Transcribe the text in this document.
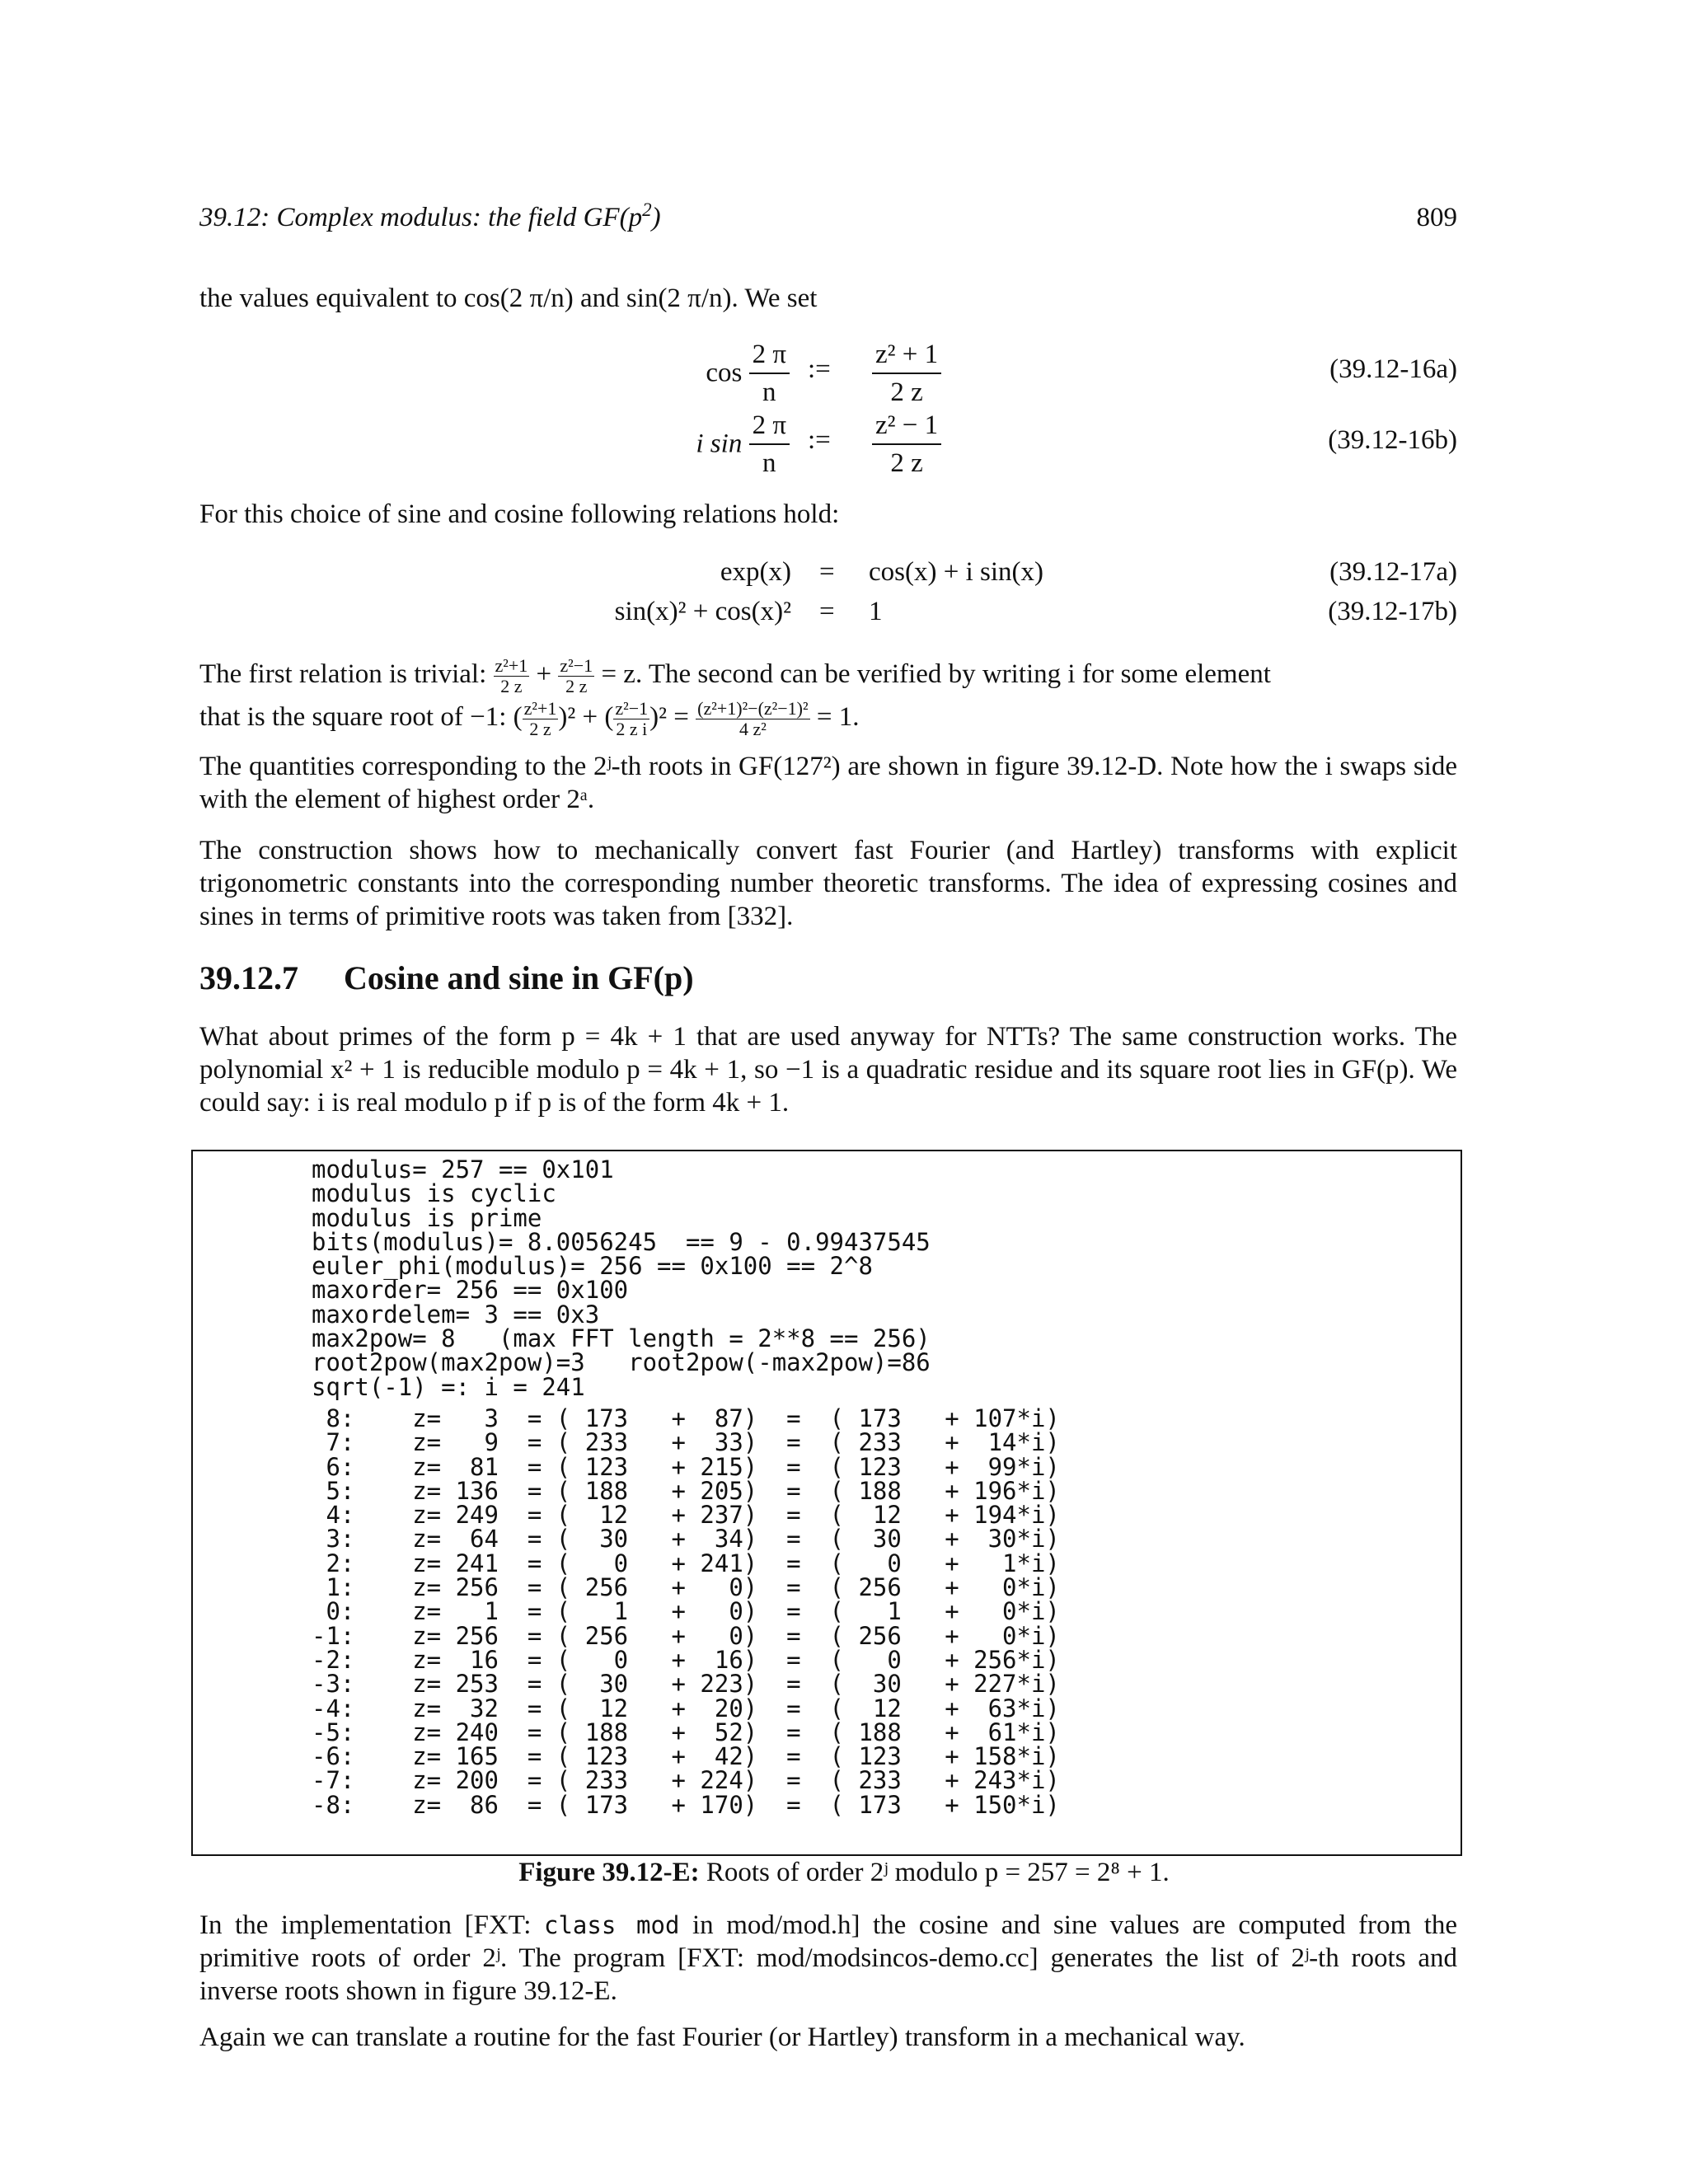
39.12: Complex modulus: the field $GF(p^2)$	809

the values equivalent to cos(2 π/n) and sin(2 π/n). We set

$\cos \frac{2 \pi}{n}$ := $\frac{\text{z² + 1}}{2 z}$	(39.12-16a)
i $\sin \frac{2 \pi}{n}$ := $\frac{\text{z² − 1}}{2 z}$	(39.12-16b)

For this choice of sine and cosine following relations hold:

exp(x) = cos(x) + i sin(x)	(39.12-17a)
sin(x)² + cos(x)² = 1	(39.12-17b)
The first relation is trivial: $\frac{\text{z²+1}}{2 z} + \frac{\text{z²−1}}{2 z} = z$. The second can be verified by writing i for some element
that is the square root of −1: ( $\frac{\text{z²+1}}{2 z} )^2$ + ( $\frac{\text{z²−1}}{\text{2 z i}} )^2 = \frac{\text{(z²+1)²−(z²−1)²}}{\text{4 z²}} = 1$.

The quantities corresponding to the 2ʲ-th roots in GF(127²) are shown in figure 39.12-D. Note how the i swaps side with the element of highest order 2ᵃ.

The construction shows how to mechanically convert fast Fourier (and Hartley) transforms with explicit trigonometric constants into the corresponding number theoretic transforms. The idea of expressing cosines and sines in terms of primitive roots was taken from [332].

39.12.7 Cosine and sine in GF(p)

What about primes of the form p = 4k + 1 that are used anyway for NTTs? The same construction works. The polynomial x² + 1 is reducible modulo p = 4k + 1, so −1 is a quadratic residue and its square root lies in GF(p). We could say: i is real modulo p if p is of the form 4k + 1.

modulus= 257 == 0x101
modulus is cyclic
modulus is prime
bits(modulus)= 8.0056245  == 9 - 0.99437545
euler_phi(modulus)= 256 == 0x100 == 2^8
maxorder= 256 == 0x100
maxordelem= 3 == 0x3
max2pow= 8   (max FFT length = 2**8 == 256)
root2pow(max2pow)=3   root2pow(-max2pow)=86
sqrt(-1) =: i = 241
8:    z=   3  = ( 173   +  87)  =  ( 173   + 107*i)
7:    z=   9  = ( 233   +  33)  =  ( 233   +  14*i)
6:    z=  81  = ( 123   + 215)  =  ( 123   +  99*i)
5:    z= 136  = ( 188   + 205)  =  ( 188   + 196*i)
4:    z= 249  = (  12   + 237)  =  (  12   + 194*i)
3:    z=  64  = (  30   +  34)  =  (  30   +  30*i)
2:    z= 241  = (   0   + 241)  =  (   0   +   1*i)
1:    z= 256  = ( 256   +   0)  =  ( 256   +   0*i)
0:    z=   1  = (   1   +   0)  =  (   1   +   0*i)
-1:    z= 256  = ( 256   +   0)  =  ( 256   +   0*i)
-2:    z=  16  = (   0   +  16)  =  (   0   + 256*i)
-3:    z= 253  = (  30   + 223)  =  (  30   + 227*i)
-4:    z=  32  = (  12   +  20)  =  (  12   +  63*i)
-5:    z= 240  = ( 188   +  52)  =  ( 188   +  61*i)
-6:    z= 165  = ( 123   +  42)  =  ( 123   + 158*i)
-7:    z= 200  = ( 233   + 224)  =  ( 233   + 243*i)
-8:    z=  86  = ( 173   + 170)  =  ( 173   + 150*i)
Figure 39.12-E: Roots of order 2ʲ modulo p = 257 = 2⁸ + 1.

In the implementation [FXT: class mod in mod/mod.h] the cosine and sine values are computed from the primitive roots of order 2ʲ. The program [FXT: mod/modsincos-demo.cc] generates the list of 2ʲ-th roots and inverse roots shown in figure 39.12-E.

Again we can translate a routine for the fast Fourier (or Hartley) transform in a mechanical way.
